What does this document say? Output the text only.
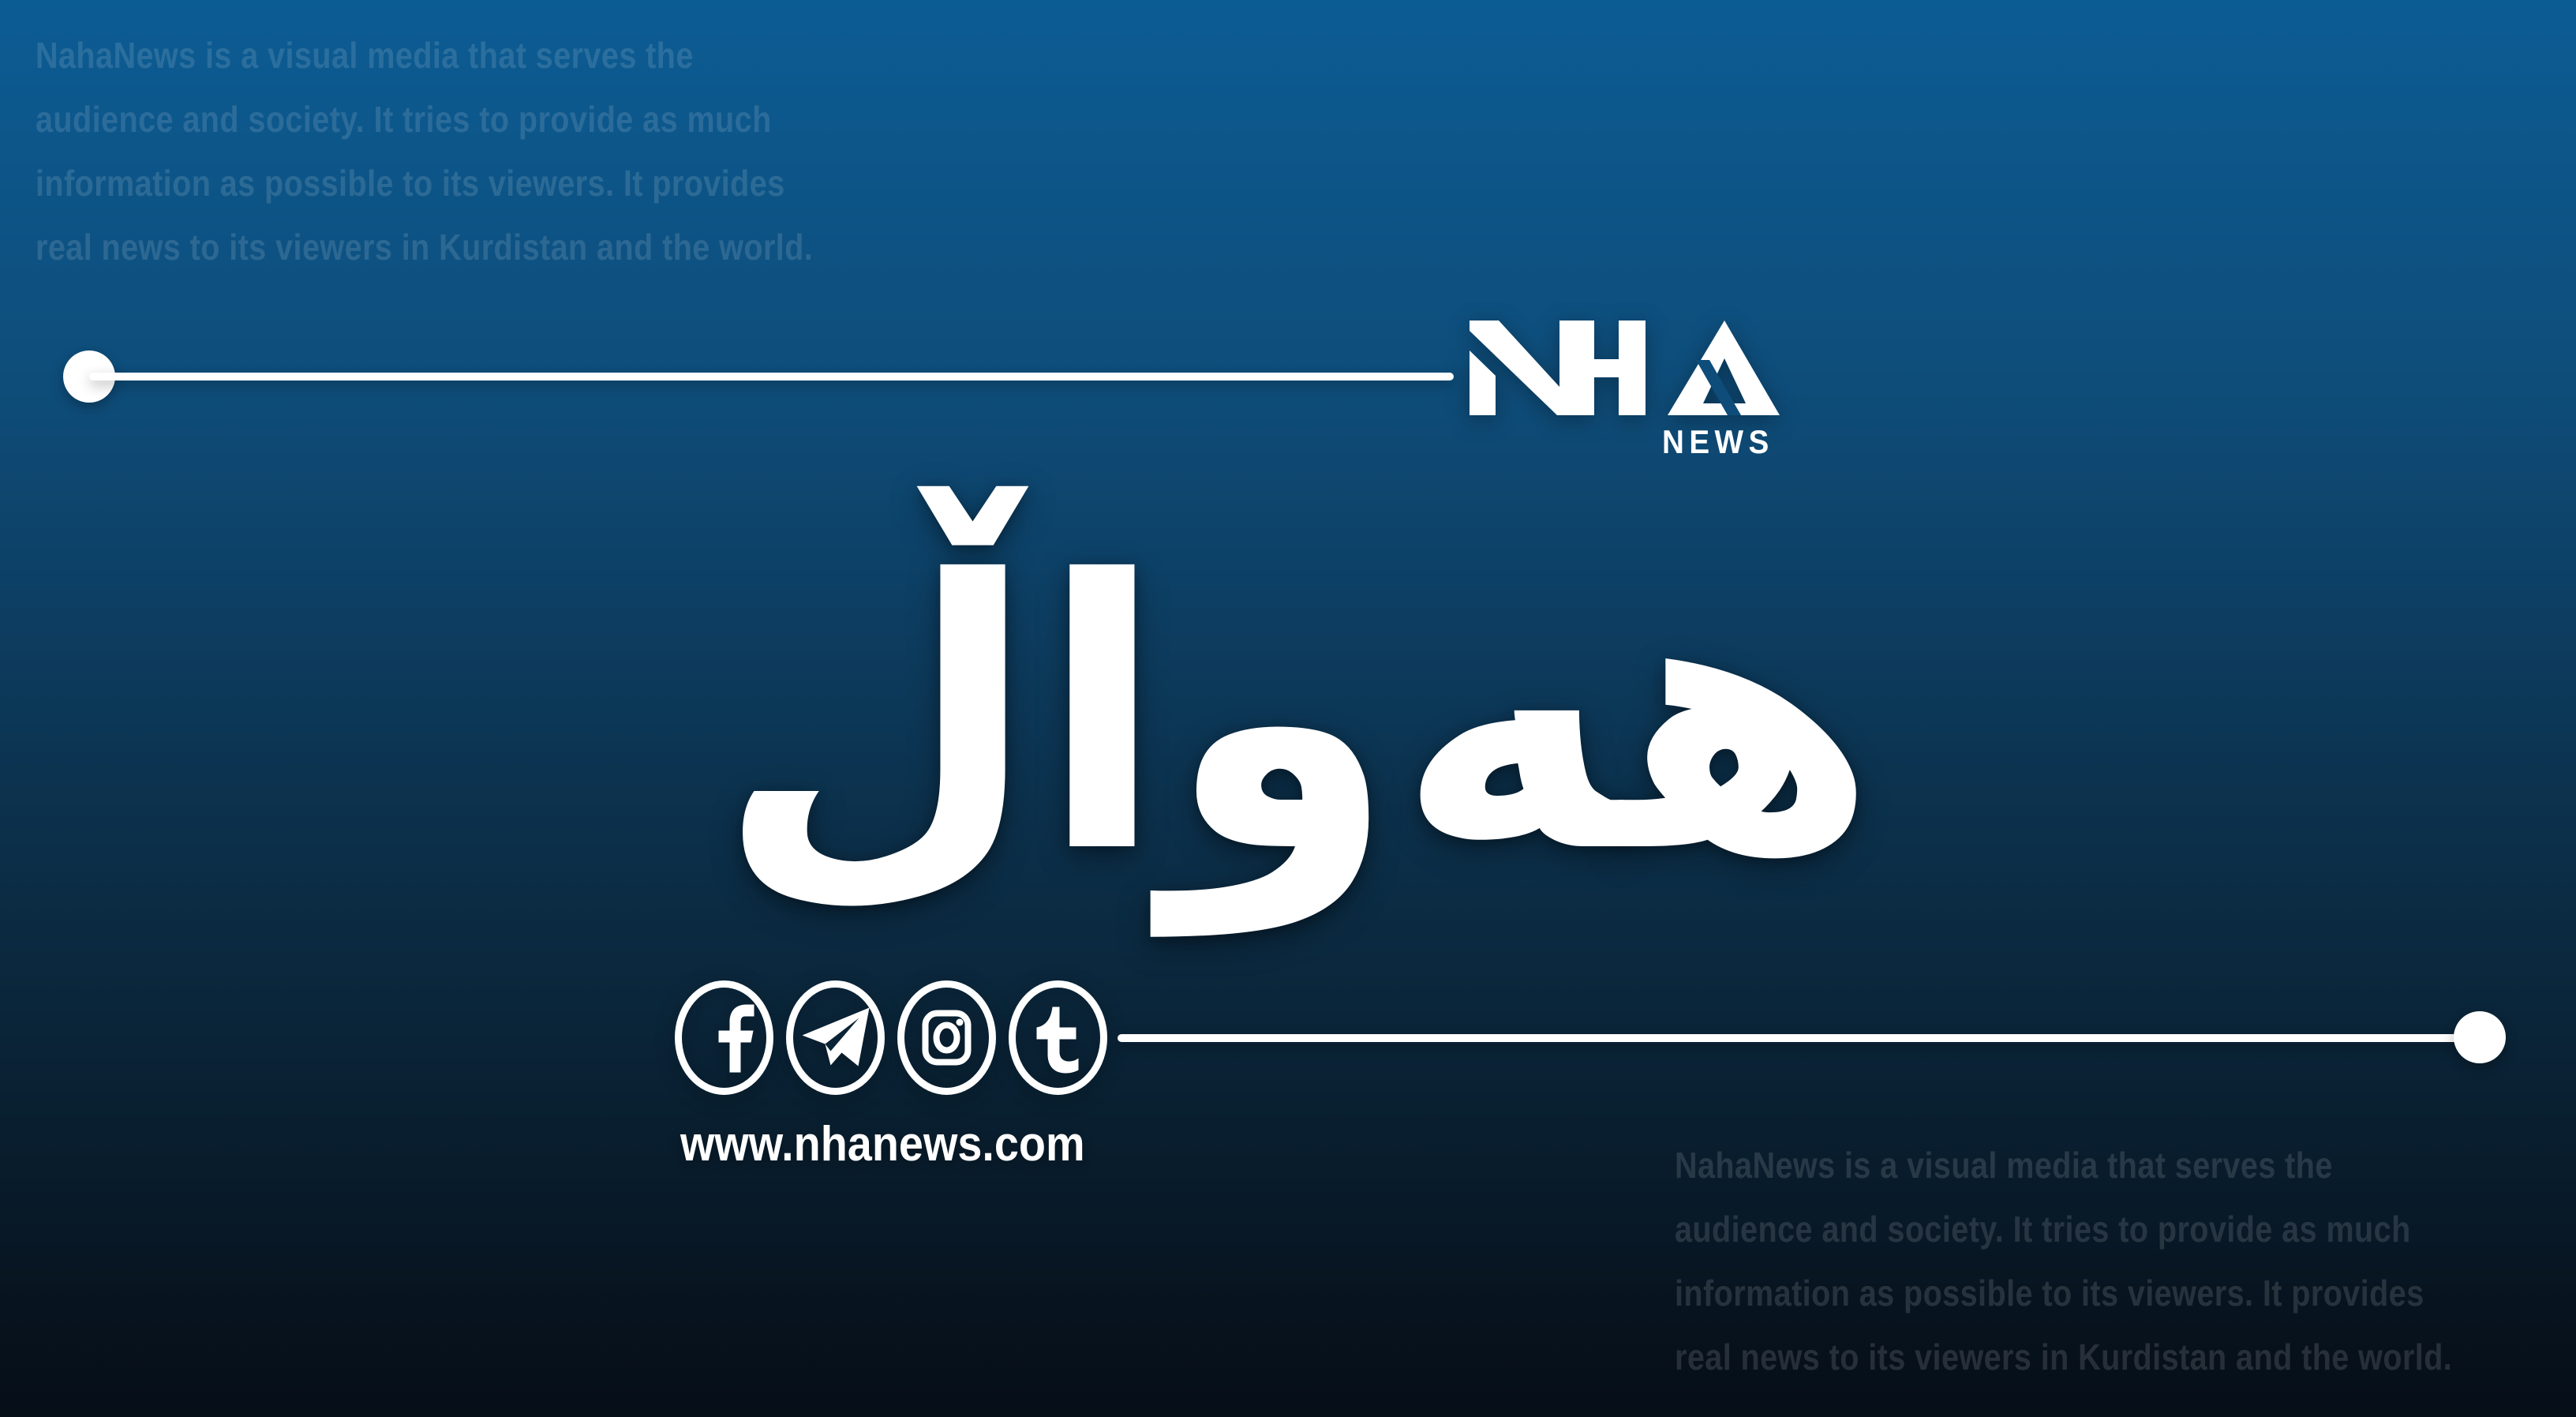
NahaNews is a visual media that serves the
audience and society. It tries to provide as much
information as possible to its viewers. It provides
real news to its viewers in Kurdistan and the world.
NEWS
هەواڵ
www.nhanews.com	NahaNews is a visual media that serves the
audience and society. It tries to provide as much
information as possible to its viewers. It provides
real news to its viewers in Kurdistan and the world.
